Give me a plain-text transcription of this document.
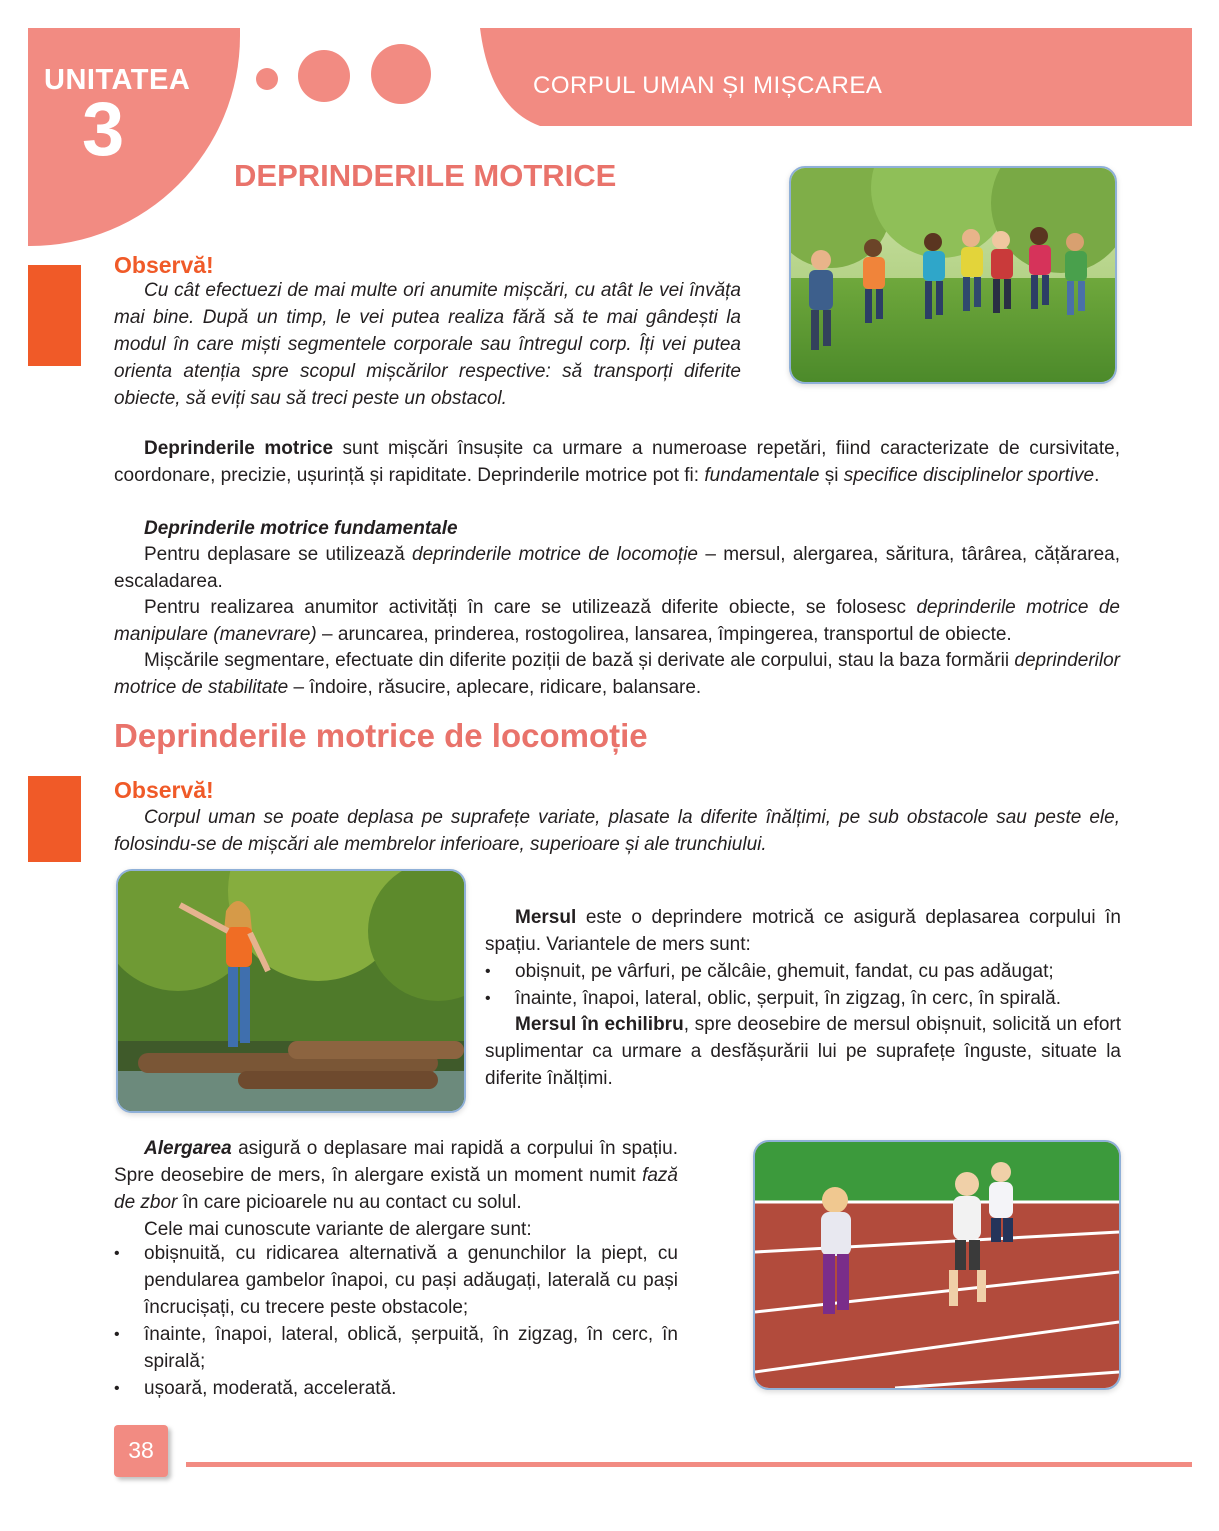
UNITATEA
3
CORPUL UMAN ȘI MIȘCAREA
DEPRINDERILE MOTRICE
Observă!
Cu cât efectuezi de mai multe ori anumite mișcări, cu atât le vei învăța mai bine. După un timp, le vei putea realiza fără să te mai gândești la modul în care miști segmentele corporale sau întregul corp. Îți vei putea orienta atenția spre scopul mișcărilor respective: să transporți diferite obiecte, să eviți sau să treci peste un obstacol.
Deprinderile motrice sunt mișcări însușite ca urmare a numeroase repetări, fiind caracterizate de cursivitate, coordonare, precizie, ușurință și rapiditate. Deprinderile motrice pot fi: fundamentale și specifice disciplinelor sportive.
Deprinderile motrice fundamentale
Pentru deplasare se utilizează deprinderile motrice de locomoție – mersul, alergarea, săritura, târârea, cățărarea, escaladarea.
Pentru realizarea anumitor activități în care se utilizează diferite obiecte, se folosesc deprinderile motrice de manipulare (manevrare) – aruncarea, prinderea, rostogolirea, lansarea, împingerea, transportul de obiecte.
Mișcările segmentare, efectuate din diferite poziții de bază și derivate ale corpului, stau la baza formării deprinderilor motrice de stabilitate – îndoire, răsucire, aplecare, ridicare, balansare.
Deprinderile motrice de locomoție
Observă!
Corpul uman se poate deplasa pe suprafețe variate, plasate la diferite înălțimi, pe sub obstacole sau peste ele, folosindu-se de mișcări ale membrelor inferioare, superioare și ale trunchiului.
Mersul este o deprindere motrică ce asigură deplasarea corpului în spațiu. Variantele de mers sunt:
• obișnuit, pe vârfuri, pe călcâie, ghemuit, fandat, cu pas adăugat;
• înainte, înapoi, lateral, oblic, șerpuit, în zigzag, în cerc, în spirală.
Mersul în echilibru, spre deosebire de mersul obișnuit, solicită un efort suplimentar ca urmare a desfășurării lui pe suprafețe înguste, situate la diferite înălțimi.
Alergarea asigură o deplasare mai rapidă a corpului în spațiu. Spre deosebire de mers, în alergare există un moment numit fază de zbor în care picioarele nu au contact cu solul.
Cele mai cunoscute variante de alergare sunt:
• obișnuită, cu ridicarea alternativă a genunchilor la piept, cu pendularea gambelor înapoi, cu pași adăugați, laterală cu pași încrucișați, cu trecere peste obstacole;
• înainte, înapoi, lateral, oblică, șerpuită, în zigzag, în cerc, în spirală;
• ușoară, moderată, accelerată.
38
